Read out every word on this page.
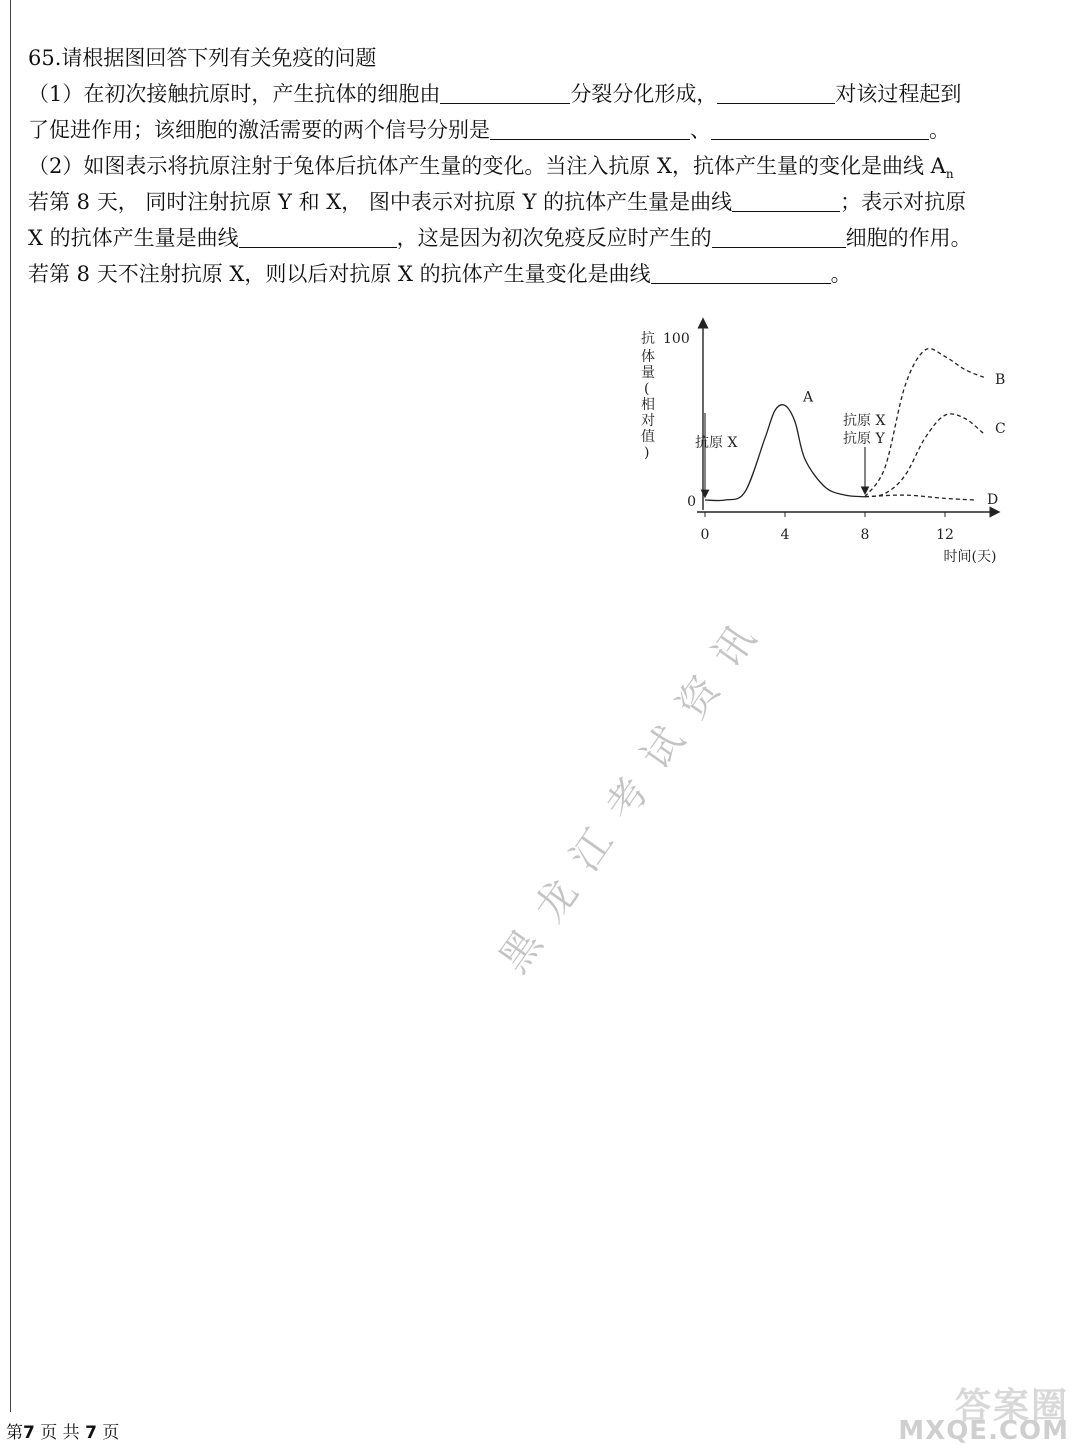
65.请根据图回答下列有关免疫的问题
（1）在初次接触抗原时，产生抗体的细胞由	分裂分化形成，	对该过程起到
了促进作用；该细胞的激活需要的两个信号分别是	、	。
（2）如图表示将抗原注射于兔体后抗体产生量的变化。当注入抗原 X，抗体产生量的变化是曲线 $A_n$
若第 8 天， 同时注射抗原 Y 和 X， 图中表示对抗原 Y 的抗体产生量是曲线	；表示对抗原
X 的抗体产生量是曲线	，这是因为初次免疫反应时产生的	细胞的作用。
若第 8 天不注射抗原 X，则以后对抗原 X 的抗体产生量变化是曲线	。
0
100
抗
体
量
(
相
对
值
)
0	4	8	12
时间(天)
A
B
C
D
抗原 X
抗原 X
抗原 Y
黑龙江考试资讯
第7 页 共 7 页
答案圈
MXQE.COM
